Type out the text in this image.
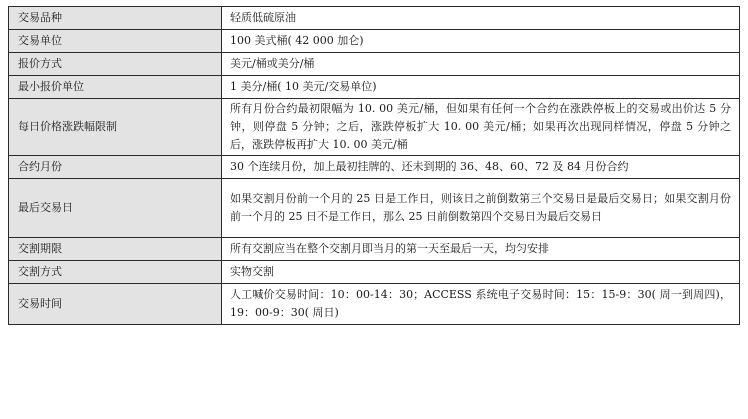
交易品种	轻质低硫原油
交易单位	100 美式桶( 42 000 加仑)
报价方式	美元/桶或美分/桶
最小报价单位	1 美分/桶( 10 美元/交易单位)
每日价格涨跌幅限制	所有月份合约最初限幅为 10. 00 美元/桶，但如果有任何一个合约在涨跌停板上的交易或出价达 5 分钟，则停盘 5 分钟；之后，涨跌停板扩大 10. 00 美元/桶；如果再次出现同样情况，停盘 5 分钟之后，涨跌停板再扩大 10. 00 美元/桶
合约月份	30 个连续月份，加上最初挂牌的、还未到期的 36、48、60、72 及 84 月份合约
最后交易日	如果交割月份前一个月的 25 日是工作日，则该日之前倒数第三个交易日是最后交易日；如果交割月份前一个月的 25 日不是工作日，那么 25 日前倒数第四个交易日为最后交易日
交割期限	所有交割应当在整个交割月即当月的第一天至最后一天，均匀安排
交割方式	实物交割
交易时间	人工喊价交易时间：10：00-14：30；ACCESS 系统电子交易时间：15：15-9：30( 周一到周四)，19：00-9：30( 周日)
